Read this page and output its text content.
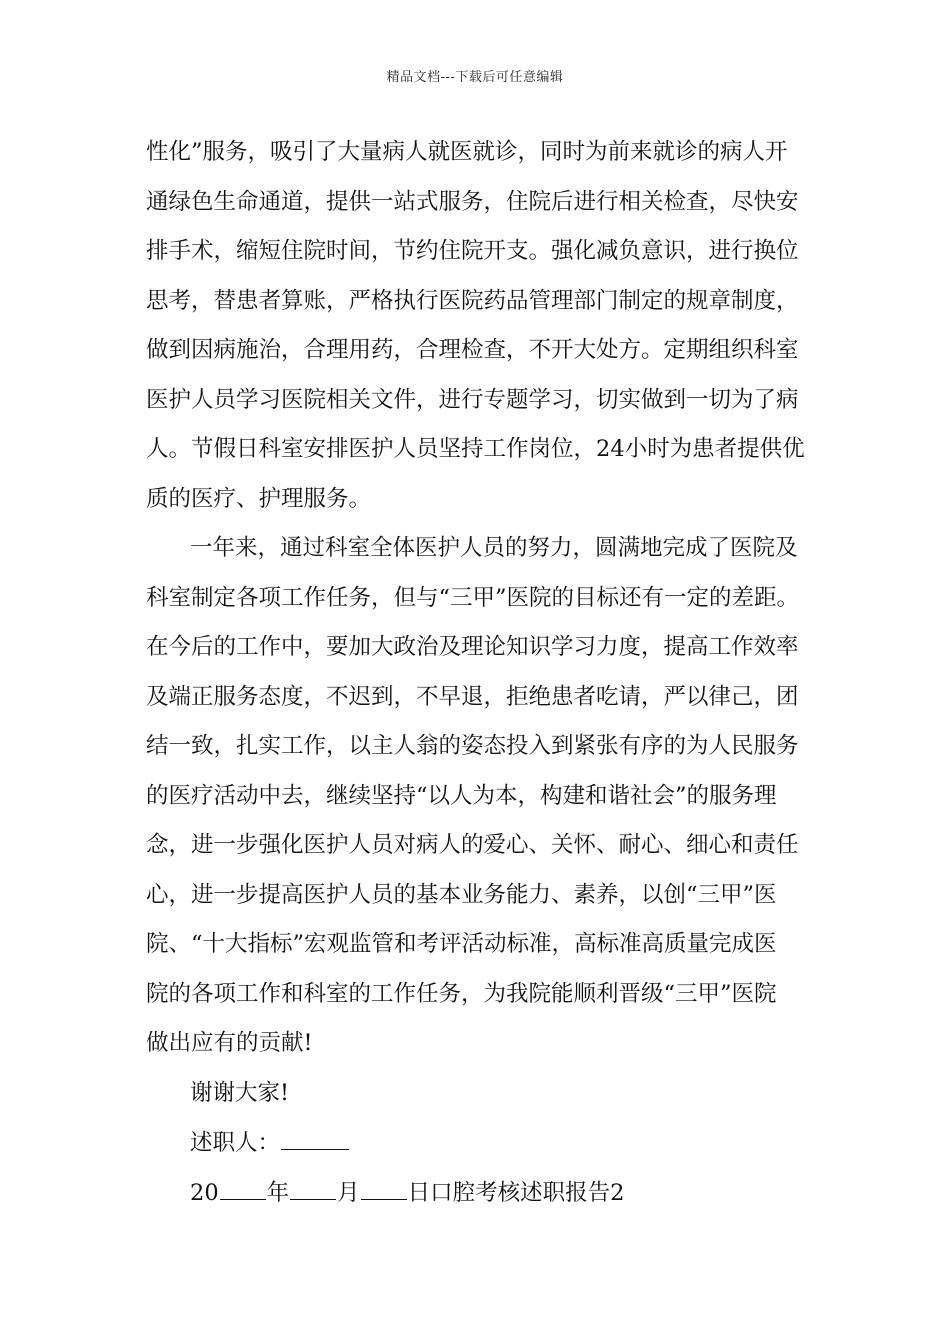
精品文档---下载后可任意编辑
性化”服务，吸引了大量病人就医就诊，同时为前来就诊的病人开
通绿色生命通道，提供一站式服务，住院后进行相关检查，尽快安
排手术，缩短住院时间，节约住院开支。强化减负意识，进行换位
思考，替患者算账，严格执行医院药品管理部门制定的规章制度，
做到因病施治，合理用药，合理检查，不开大处方。定期组织科室
医护人员学习医院相关文件，进行专题学习，切实做到一切为了病
人。节假日科室安排医护人员坚持工作岗位，24小时为患者提供优
质的医疗、护理服务。
一年来，通过科室全体医护人员的努力，圆满地完成了医院及
科室制定各项工作任务，但与“三甲”医院的目标还有一定的差距。
在今后的工作中，要加大政治及理论知识学习力度，提高工作效率
及端正服务态度，不迟到，不早退，拒绝患者吃请，严以律己，团
结一致，扎实工作，以主人翁的姿态投入到紧张有序的为人民服务
的医疗活动中去，继续坚持“以人为本，构建和谐社会”的服务理
念，进一步强化医护人员对病人的爱心、关怀、耐心、细心和责任
心，进一步提高医护人员的基本业务能力、素养，以创“三甲”医
院、“十大指标”宏观监管和考评活动标准，高标准高质量完成医
院的各项工作和科室的工作任务，为我院能顺利晋级“三甲”医院
做出应有的贡献!
谢谢大家!
述职人：
20 年 月 日口腔考核述职报告2
